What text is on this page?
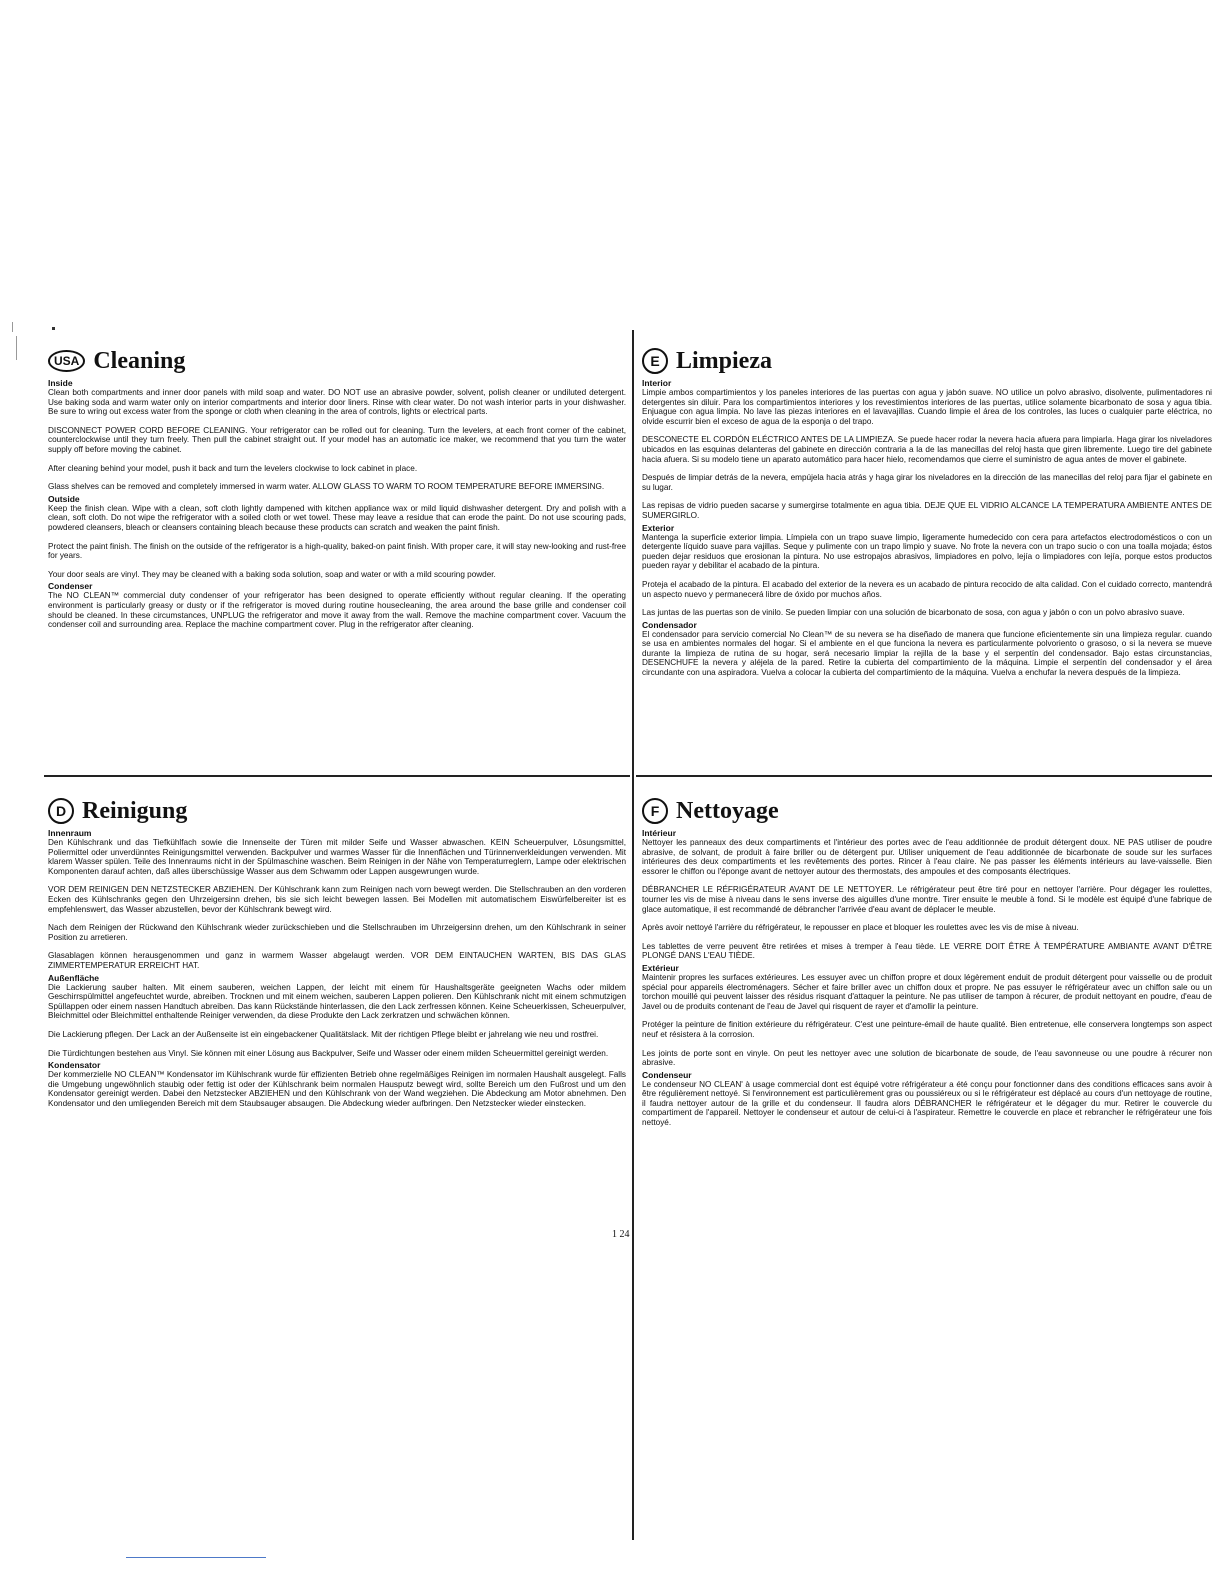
USA Cleaning
Inside

Clean both compartments and inner door panels with mild soap and water. DO NOT use an abrasive powder, solvent, polish cleaner or undiluted detergent. Use baking soda and warm water only on interior compartments and interior door liners. Rinse with clear water. Do not wash interior parts in your dishwasher. Be sure to wring out excess water from the sponge or cloth when cleaning in the area of controls, lights or electrical parts.

DISCONNECT POWER CORD BEFORE CLEANING. Your refrigerator can be rolled out for cleaning. Turn the levelers, at each front corner of the cabinet, counterclockwise until they turn freely. Then pull the cabinet straight out. If your model has an automatic ice maker, we recommend that you turn the water supply off before moving the cabinet.

After cleaning behind your model, push it back and turn the levelers clockwise to lock cabinet in place.

Glass shelves can be removed and completely immersed in warm water. ALLOW GLASS TO WARM TO ROOM TEMPERATURE BEFORE IMMERSING.

Outside

Keep the finish clean. Wipe with a clean, soft cloth lightly dampened with kitchen appliance wax or mild liquid dishwasher detergent. Dry and polish with a clean, soft cloth. Do not wipe the refrigerator with a soiled cloth or wet towel. These may leave a residue that can erode the paint. Do not use scouring pads, powdered cleansers, bleach or cleansers containing bleach because these products can scratch and weaken the paint finish.

Protect the paint finish. The finish on the outside of the refrigerator is a high-quality, baked-on paint finish. With proper care, it will stay new-looking and rust-free for years.

Your door seals are vinyl. They may be cleaned with a baking soda solution, soap and water or with a mild scouring powder.

Condenser

The NO CLEAN™ commercial duty condenser of your refrigerator has been designed to operate efficiently without regular cleaning. If the operating environment is particularly greasy or dusty or if the refrigerator is moved during routine housecleaning, the area around the base grille and condenser coil should be cleaned. In these circumstances, UNPLUG the refrigerator and move it away from the wall. Remove the machine compartment cover. Vacuum the condenser coil and surrounding area. Replace the machine compartment cover. Plug in the refrigerator after cleaning.

E Limpieza
Interior

Limpie ambos compartimientos y los paneles interiores de las puertas con agua y jabón suave. NO utilice un polvo abrasivo, disolvente, pulimentadores ni detergentes sin diluir. Para los compartimientos interiores y los revestimientos interiores de las puertas, utilice solamente bicarbonato de sosa y agua tibia. Enjuague con agua limpia. No lave las piezas interiores en el lavavajillas. Cuando limpie el área de los controles, las luces o cualquier parte eléctrica, no olvide escurrir bien el exceso de agua de la esponja o del trapo.

DESCONECTE EL CORDÓN ELÉCTRICO ANTES DE LA LIMPIEZA. Se puede hacer rodar la nevera hacia afuera para limpiarla. Haga girar los niveladores ubicados en las esquinas delanteras del gabinete en dirección contraria a la de las manecillas del reloj hasta que giren libremente. Luego tire del gabinete hacia afuera. Si su modelo tiene un aparato automático para hacer hielo, recomendamos que cierre el suministro de agua antes de mover el gabinete.

Después de limpiar detrás de la nevera, empújela hacia atrás y haga girar los niveladores en la dirección de las manecillas del reloj para fijar el gabinete en su lugar.

Las repisas de vidrio pueden sacarse y sumergirse totalmente en agua tibia. DEJE QUE EL VIDRIO ALCANCE LA TEMPERATURA AMBIENTE ANTES DE SUMERGIRLO.

Exterior

Mantenga la superficie exterior limpia. Límpiela con un trapo suave limpio, ligeramente humedecido con cera para artefactos electrodomésticos o con un detergente líquido suave para vajillas. Seque y pulimente con un trapo limpio y suave. No frote la nevera con un trapo sucio o con una toalla mojada; éstos pueden dejar residuos que erosionan la pintura. No use estropajos abrasivos, limpiadores en polvo, lejía o limpiadores con lejía, porque estos productos pueden rayar y debilitar el acabado de la pintura.

Proteja el acabado de la pintura. El acabado del exterior de la nevera es un acabado de pintura recocido de alta calidad. Con el cuidado correcto, mantendrá un aspecto nuevo y permanecerá libre de óxido por muchos años.

Las juntas de las puertas son de vinilo. Se pueden limpiar con una solución de bicarbonato de sosa, con agua y jabón o con un polvo abrasivo suave.

Condensador

El condensador para servicio comercial No Clean™ de su nevera se ha diseñado de manera que funcione eficientemente sin una limpieza regular. cuando se usa en ambientes normales del hogar. Si el ambiente en el que funciona la nevera es particularmente polvoriento o grasoso, o si la nevera se mueve durante la limpieza de rutina de su hogar, será necesario limpiar la rejilla de la base y el serpentín del condensador. Bajo estas circunstancias, DESENCHUFE la nevera y aléjela de la pared. Retire la cubierta del compartimiento de la máquina. Limpie el serpentín del condensador y el área circundante con una aspiradora. Vuelva a colocar la cubierta del compartimiento de la máquina. Vuelva a enchufar la nevera después de la limpieza.

D Reinigung
Innenraum

Den Kühlschrank und das Tiefkühlfach sowie die Innenseite der Türen mit milder Seife und Wasser abwaschen. KEIN Scheuerpulver, Lösungsmittel, Poliermittel oder unverdünntes Reinigungsmittel verwenden. Backpulver und warmes Wasser für die Innenflächen und Türinnenverkleidungen verwenden. Mit klarem Wasser spülen. Teile des Innenraums nicht in der Spülmaschine waschen. Beim Reinigen in der Nähe von Temperaturreglern, Lampe oder elektrischen Komponenten darauf achten, daß alles überschüssige Wasser aus dem Schwamm oder Lappen ausgewrungen wurde.

VOR DEM REINIGEN DEN NETZSTECKER ABZIEHEN. Der Kühlschrank kann zum Reinigen nach vorn bewegt werden. Die Stellschrauben an den vorderen Ecken des Kühlschranks gegen den Uhrzeigersinn drehen, bis sie sich leicht bewegen lassen. Bei Modellen mit automatischem Eiswürfelbereiter ist es empfehlenswert, das Wasser abzustellen, bevor der Kühlschrank bewegt wird.

Nach dem Reinigen der Rückwand den Kühlschrank wieder zurückschieben und die Stellschrauben im Uhrzeigersinn drehen, um den Kühlschrank in seiner Position zu arretieren.

Glasablagen können herausgenommen und ganz in warmem Wasser abgelaugt werden. VOR DEM EINTAUCHEN WARTEN, BIS DAS GLAS ZIMMERTEMPERATUR ERREICHT HAT.

Außenfläche

Die Lackierung sauber halten. Mit einem sauberen, weichen Lappen, der leicht mit einem für Haushaltsgeräte geeigneten Wachs oder mildem Geschirrspülmittel angefeuchtet wurde, abreiben. Trocknen und mit einem weichen, sauberen Lappen polieren. Den Kühlschrank nicht mit einem schmutzigen Spüllappen oder einem nassen Handtuch abreiben. Das kann Rückstände hinterlassen, die den Lack zerfressen können. Keine Scheuerkissen, Scheuerpulver, Bleichmittel oder Bleichmittel enthaltende Reiniger verwenden, da diese Produkte den Lack zerkratzen und schwächen können.

Die Lackierung pflegen. Der Lack an der Außenseite ist ein eingebackener Qualitätslack. Mit der richtigen Pflege bleibt er jahrelang wie neu und rostfrei.

Die Türdichtungen bestehen aus Vinyl. Sie können mit einer Lösung aus Backpulver, Seife und Wasser oder einem milden Scheuermittel gereinigt werden.

Kondensator

Der kommerzielle NO CLEAN™ Kondensator im Kühlschrank wurde für effizienten Betrieb ohne regelmäßiges Reinigen im normalen Haushalt ausgelegt. Falls die Umgebung ungewöhnlich staubig oder fettig ist oder der Kühlschrank beim normalen Hausputz bewegt wird, sollte Bereich um den Fußrost und um den Kondensator gereinigt werden. Dabei den Netzstecker ABZIEHEN und den Kühlschrank von der Wand wegziehen. Die Abdeckung am Motor abnehmen. Den Kondensator und den umliegenden Bereich mit dem Staubsauger absaugen. Die Abdeckung wieder aufbringen. Den Netzstecker wieder einstecken.

F Nettoyage
Intérieur

Nettoyer les panneaux des deux compartiments et l'intérieur des portes avec de l'eau additionnée de produit détergent doux. NE PAS utiliser de poudre abrasive, de solvant, de produit à faire briller ou de détergent pur. Utiliser uniquement de l'eau additionnée de bicarbonate de soude sur les surfaces intérieures des deux compartiments et les revêtements des portes. Rincer à l'eau claire. Ne pas passer les éléments intérieurs au lave-vaisselle. Bien essorer le chiffon ou l'éponge avant de nettoyer autour des thermostats, des ampoules et des composants électriques.

DÉBRANCHER LE RÉFRIGÉRATEUR AVANT DE LE NETTOYER. Le réfrigérateur peut être tiré pour en nettoyer l'arrière. Pour dégager les roulettes, tourner les vis de mise à niveau dans le sens inverse des aiguilles d'une montre. Tirer ensuite le meuble à fond. Si le modèle est équipé d'une fabrique de glace automatique, il est recommandé de débrancher l'arrivée d'eau avant de déplacer le meuble.

Après avoir nettoyé l'arrière du réfrigérateur, le repousser en place et bloquer les roulettes avec les vis de mise à niveau.

Les tablettes de verre peuvent être retirées et mises à tremper à l'eau tiède. LE VERRE DOIT ÊTRE À TEMPÉRATURE AMBIANTE AVANT D'ÊTRE PLONGÉ DANS L'EAU TIÈDE.

Extérieur

Maintenir propres les surfaces extérieures. Les essuyer avec un chiffon propre et doux légèrement enduit de produit détergent pour vaisselle ou de produit spécial pour appareils électroménagers. Sécher et faire briller avec un chiffon doux et propre. Ne pas essuyer le réfrigérateur avec un chiffon sale ou un torchon mouillé qui peuvent laisser des résidus risquant d'attaquer la peinture. Ne pas utiliser de tampon à récurer, de produit nettoyant en poudre, d'eau de Javel ou de produits contenant de l'eau de Javel qui risquent de rayer et d'amollir la peinture.

Protéger la peinture de finition extérieure du réfrigérateur. C'est une peinture-émail de haute qualité. Bien entretenue, elle conservera longtemps son aspect neuf et résistera à la corrosion.

Les joints de porte sont en vinyle. On peut les nettoyer avec une solution de bicarbonate de soude, de l'eau savonneuse ou une poudre à récurer non abrasive.

Condenseur

Le condenseur NO CLEAN' à usage commercial dont est équipé votre réfrigérateur a été conçu pour fonctionner dans des conditions efficaces sans avoir à être régulièrement nettoyé. Si l'environnement est particulièrement gras ou poussiéreux ou si le réfrigérateur est déplacé au cours d'un nettoyage de routine, il faudra nettoyer autour de la grille et du condenseur. Il faudra alors DÉBRANCHER le réfrigérateur et le dégager du mur. Retirer le couvercle du compartiment de l'appareil. Nettoyer le condenseur et autour de celui-ci à l'aspirateur. Remettre le couvercle en place et rebrancher le réfrigérateur une fois nettoyé.

1 24
